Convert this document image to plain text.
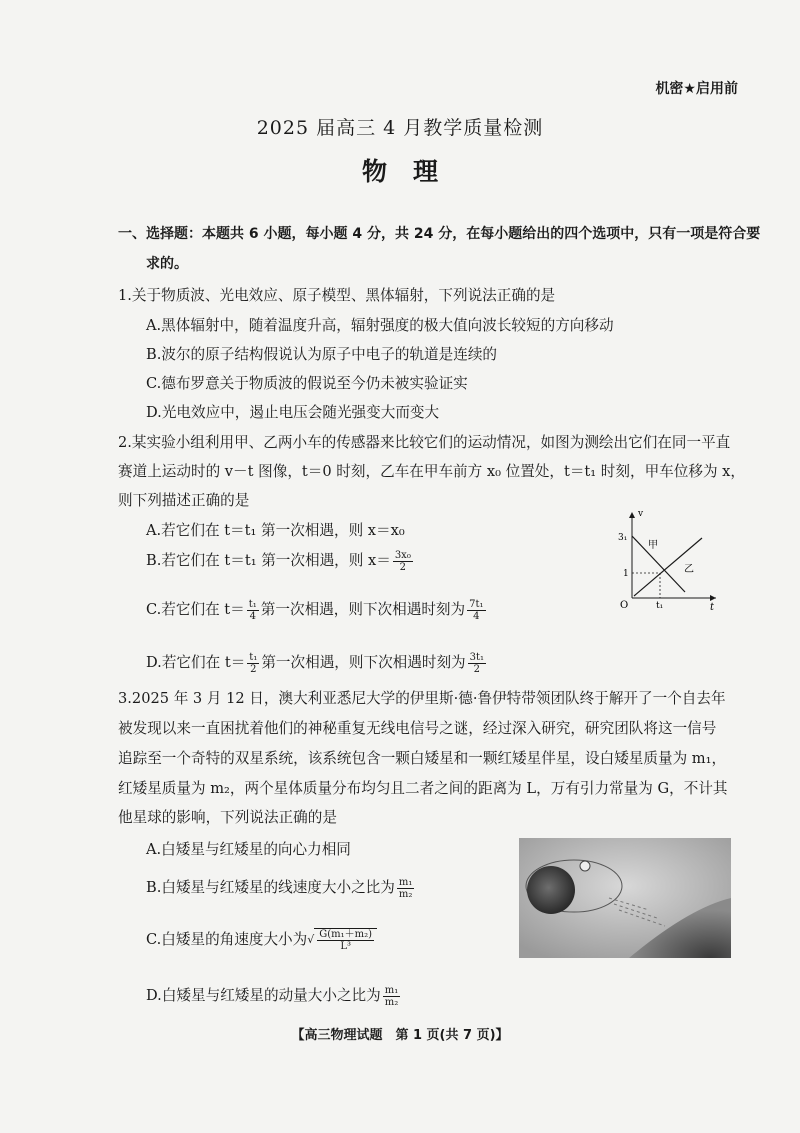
机密★启用前
2025 届高三 4 月教学质量检测
物理
一、选择题：本题共 6 小题，每小题 4 分，共 24 分，在每小题给出的四个选项中，只有一项是符合要
求的。
1.关于物质波、光电效应、原子模型、黑体辐射，下列说法正确的是
A.黑体辐射中，随着温度升高，辐射强度的极大值向波长较短的方向移动
B.波尔的原子结构假说认为原子中电子的轨道是连续的
C.德布罗意关于物质波的假说至今仍未被实验证实
D.光电效应中，遏止电压会随光强变大而变大
2.某实验小组利用甲、乙两小车的传感器来比较它们的运动情况，如图为测绘出它们在同一平直
赛道上运动时的 v－t 图像，t＝0 时刻，乙车在甲车前方 x₀ 位置处，t＝t₁ 时刻，甲车位移为 x，
则下列描述正确的是
A.若它们在 t＝t₁ 第一次相遇，则 x＝x₀
B.若它们在 t＝t₁ 第一次相遇，则 $x= \frac{\text{3x₀}}{2}$
C.若它们在 $t= \frac{\text{t₁}}{4}$ 第一次相遇，则下次相遇时刻为 $\frac{\text{7t₁}}{4}$
D.若它们在 $t= \frac{\text{t₁}}{2}$ 第一次相遇，则下次相遇时刻为 $\frac{\text{3t₁}}{2}$
v
t
O
3₁
1
t₁
甲
乙
3.2025 年 3 月 12 日，澳大利亚悉尼大学的伊里斯·德·鲁伊特带领团队终于解开了一个自去年
被发现以来一直困扰着他们的神秘重复无线电信号之谜，经过深入研究，研究团队将这一信号
追踪至一个奇特的双星系统，该系统包含一颗白矮星和一颗红矮星伴星，设白矮星质量为 m₁，
红矮星质量为 m₂，两个星体质量分布均匀且二者之间的距离为 L，万有引力常量为 G，不计其
他星球的影响，下列说法正确的是
A.白矮星与红矮星的向心力相同
B.白矮星与红矮星的线速度大小之比为 $\frac{\text{m₁}}{\text{m₂}}$
C.白矮星的角速度大小为√ $\frac{\text{G(m₁＋m₂)}}{\text{L³}}$
D.白矮星与红矮星的动量大小之比为 $\frac{\text{m₁}}{\text{m₂}}$
【高三物理试题　第 1 页(共 7 页)】
